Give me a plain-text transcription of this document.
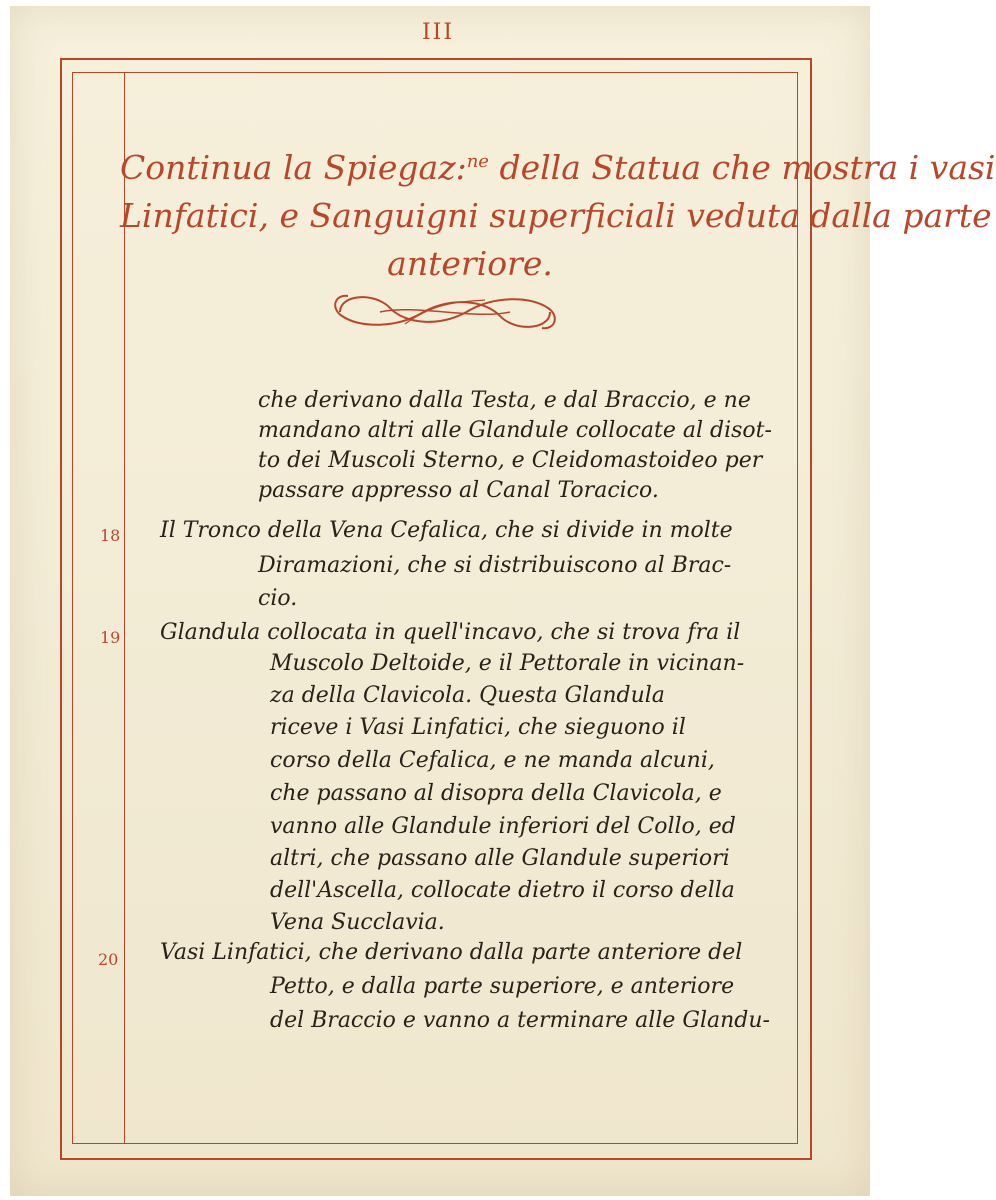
III
Continua la Spiegaz:$^{ne}$ della Statua che mostra i vasi
Linfatici, e Sanguigni superficiali veduta dalla parte
anteriore.
che derivano dalla Testa, e dal Braccio, e ne
mandano altri alle Glandule collocate al disot-
to dei Muscoli Sterno, e Cleidomastoideo per
passare appresso al Canal Toracico.
18 Il Tronco della Vena Cefalica, che si divide in molte
Diramazioni, che si distribuiscono al Brac-
cio.
19 Glandula collocata in quell'incavo, che si trova fra il
Muscolo Deltoide, e il Pettorale in vicinan-
za della Clavicola. Questa Glandula
riceve i Vasi Linfatici, che sieguono il
corso della Cefalica, e ne manda alcuni,
che passano al disopra della Clavicola, e
vanno alle Glandule inferiori del Collo, ed
altri, che passano alle Glandule superiori
dell'Ascella, collocate dietro il corso della
Vena Succlavia.
20 Vasi Linfatici, che derivano dalla parte anteriore del
Petto, e dalla parte superiore, e anteriore
del Braccio e vanno a terminare alle Glandu-
